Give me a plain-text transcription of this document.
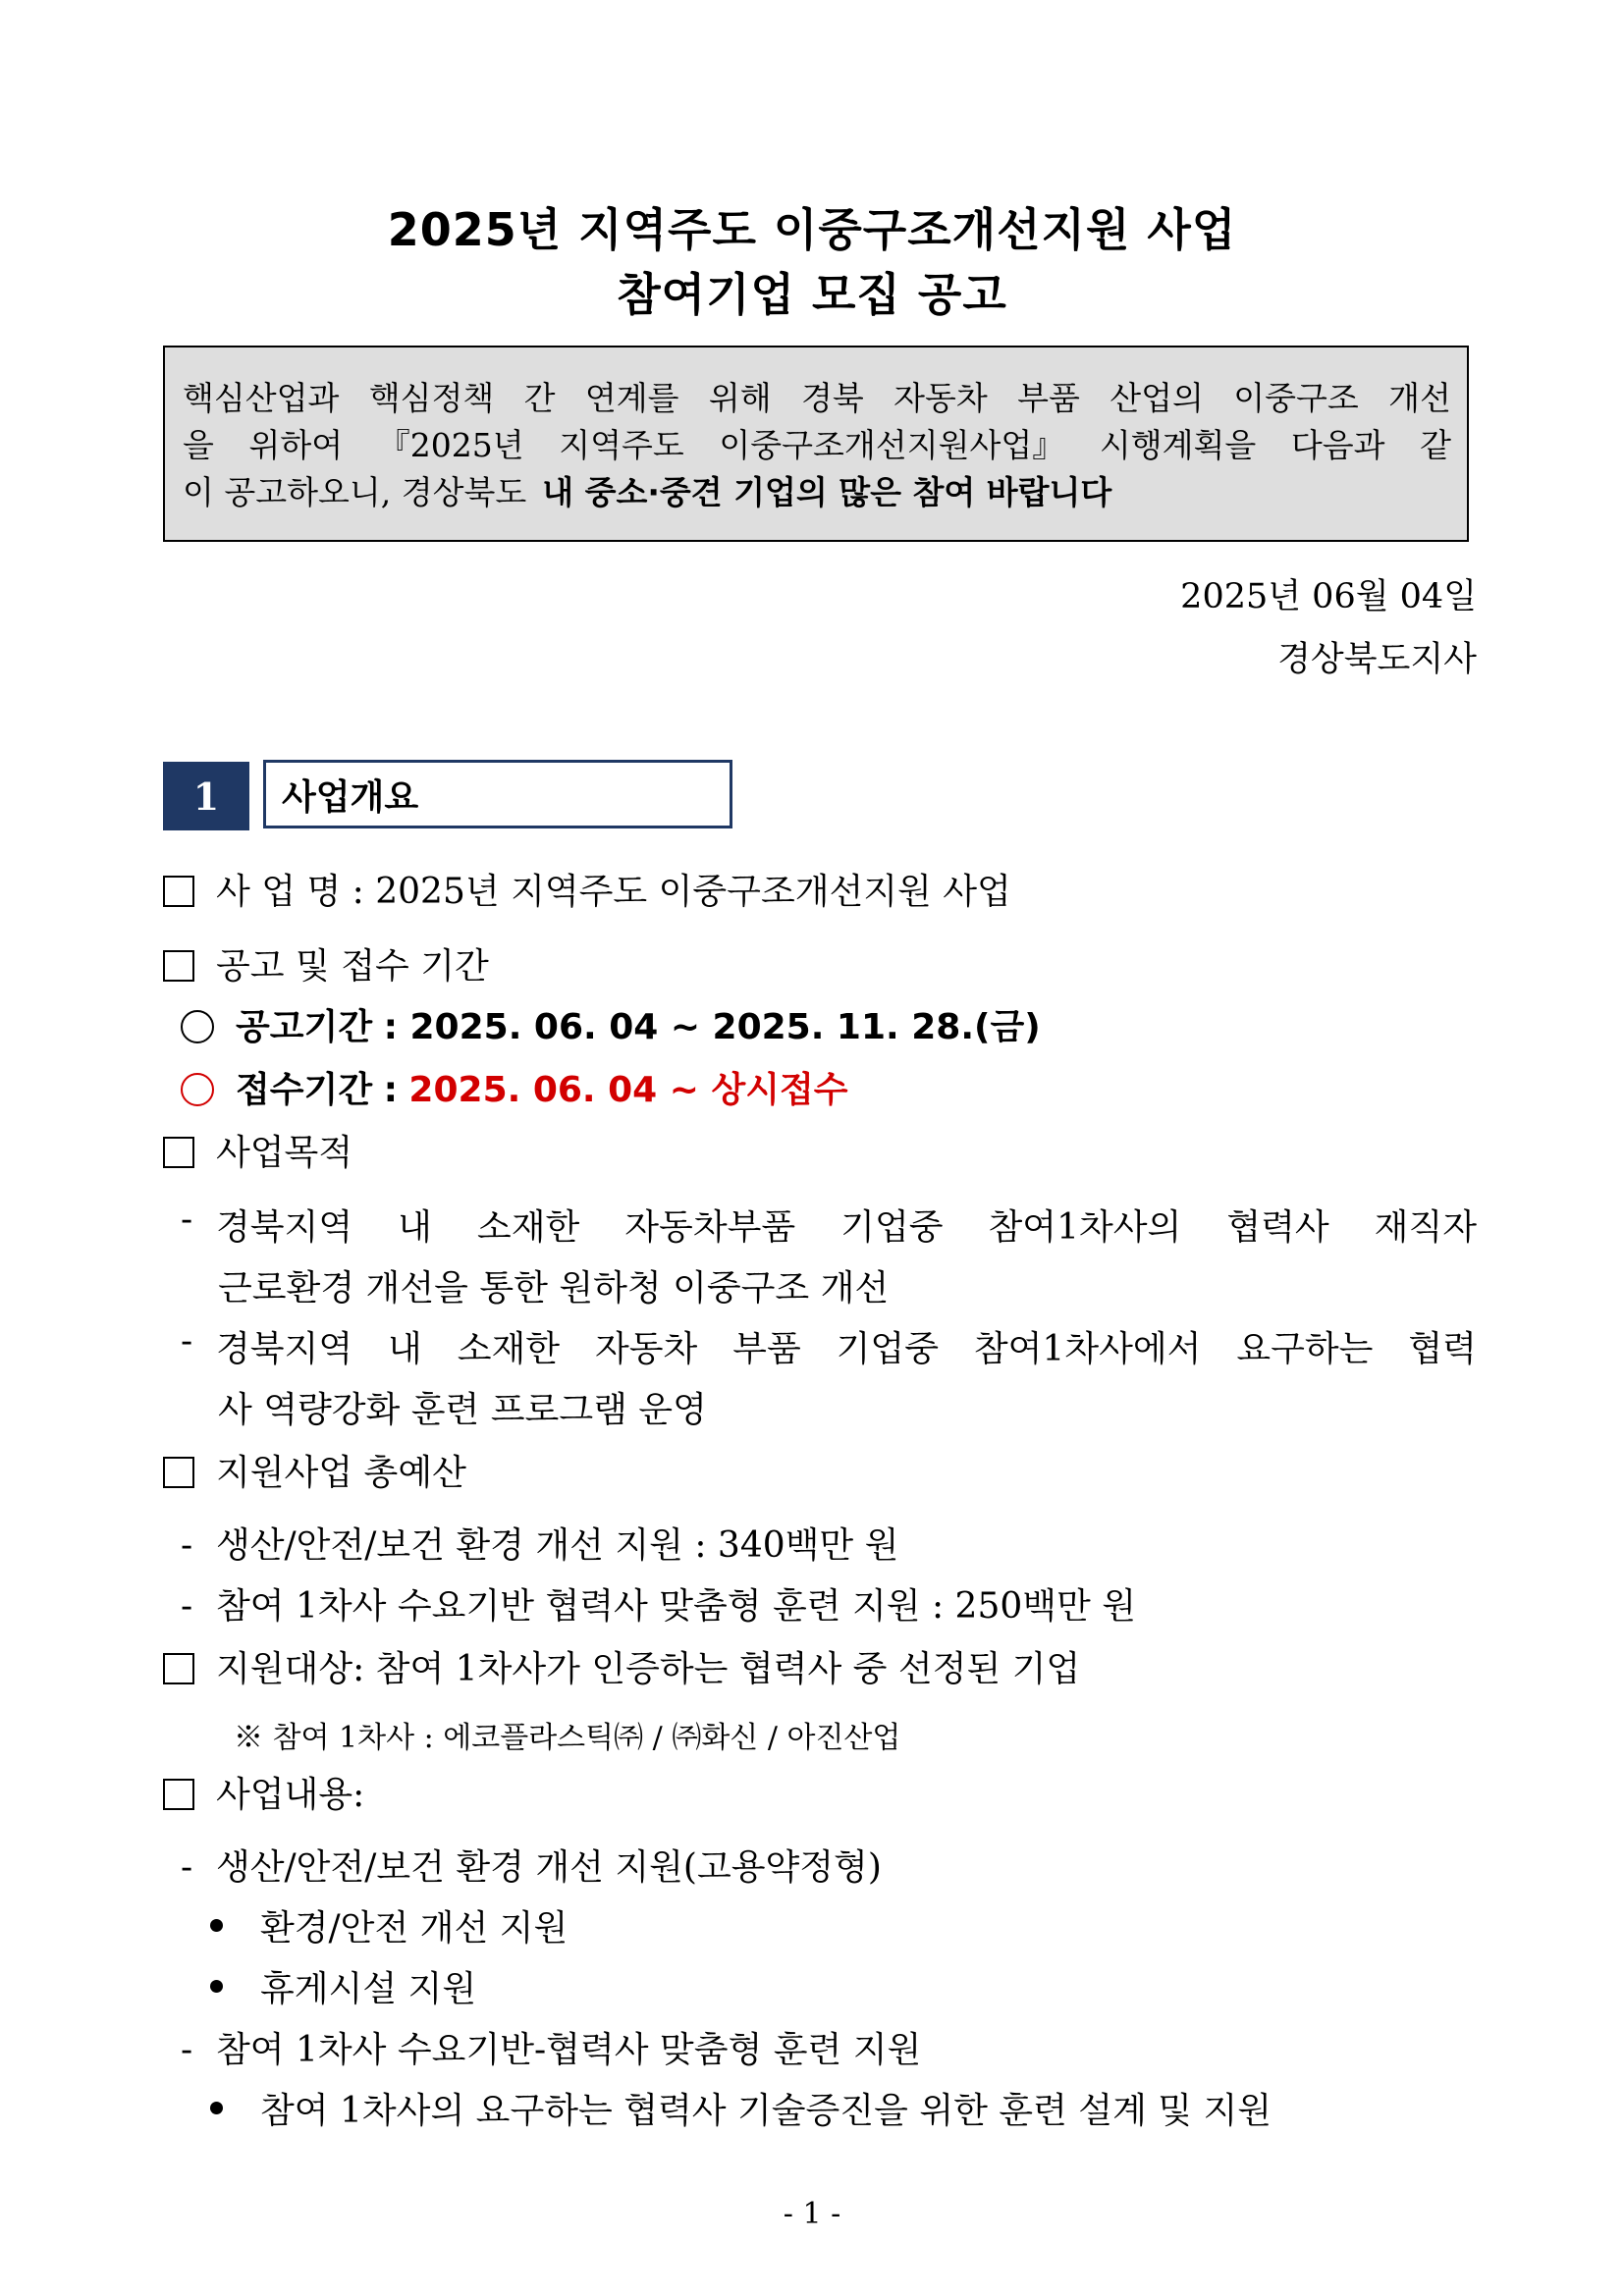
2025년 지역주도 이중구조개선지원 사업
참여기업 모집 공고
핵심산업과 핵심정책 간 연계를 위해 경북 자동차 부품 산업의 이중구조 개선
을 위하여 『2025년 지역주도 이중구조개선지원사업』 시행계획을 다음과 같
이 공고하오니, 경상북도 내 중소·중견 기업의 많은 참여 바랍니다
2025년 06월 04일
경상북도지사
1	사업개요
사 업 명 : 2025년 지역주도 이중구조개선지원 사업
공고 및 접수 기간
공고기간 : 2025. 06. 04 ~ 2025. 11. 28.(금)
접수기간 : 2025. 06. 04 ~ 상시접수
사업목적
- 경북지역 내 소재한 자동차부품 기업중 참여1차사의 협력사 재직자
근로환경 개선을 통한 원하청 이중구조 개선
- 경북지역 내 소재한 자동차 부품 기업중 참여1차사에서 요구하는 협력
사 역량강화 훈련 프로그램 운영
지원사업 총예산
- 생산/안전/보건 환경 개선 지원 : 340백만 원
- 참여 1차사 수요기반 협력사 맞춤형 훈련 지원 : 250백만 원
지원대상: 참여 1차사가 인증하는 협력사 중 선정된 기업
※ 참여 1차사 : 에코플라스틱㈜ / ㈜화신 / 아진산업
사업내용:
- 생산/안전/보건 환경 개선 지원(고용약정형)
환경/안전 개선 지원
휴게시설 지원
- 참여 1차사 수요기반-협력사 맞춤형 훈련 지원
참여 1차사의 요구하는 협력사 기술증진을 위한 훈련 설계 및 지원
- 1 -
